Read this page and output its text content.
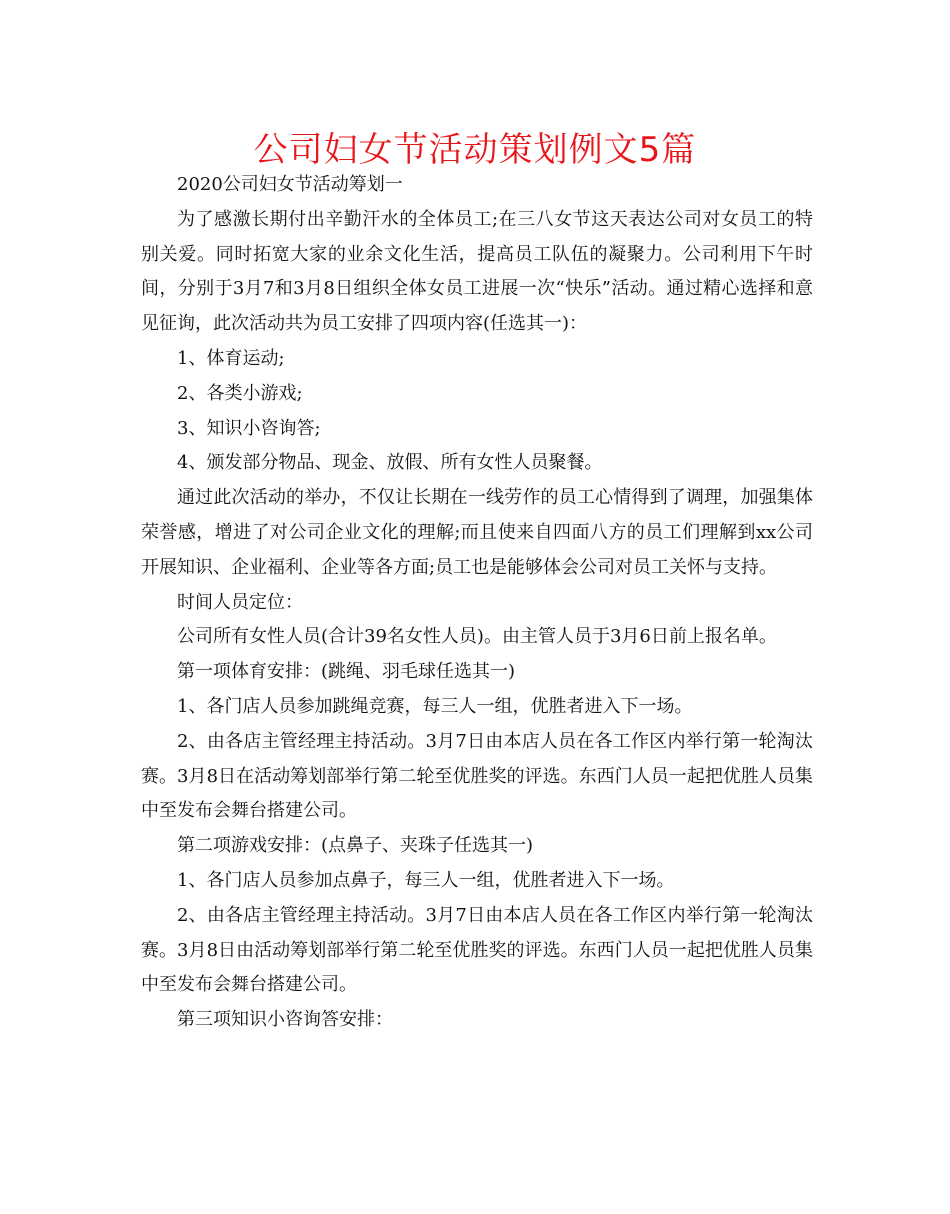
公司妇女节活动策划例文5篇

2020公司妇女节活动筹划一

为了感激长期付出辛勤汗水的全体员工;在三八女节这天表达公司对女员工的特别关爱。同时拓宽大家的业余文化生活，提高员工队伍的凝聚力。公司利用下午时间，分别于3月7和3月8日组织全体女员工进展一次“快乐”活动。通过精心选择和意见征询，此次活动共为员工安排了四项内容(任选其一)：

1、体育运动;

2、各类小游戏;

3、知识小咨询答;

4、颁发部分物品、现金、放假、所有女性人员聚餐。

通过此次活动的举办，不仅让长期在一线劳作的员工心情得到了调理，加强集体荣誉感，增进了对公司企业文化的理解;而且使来自四面八方的员工们理解到xx公司开展知识、企业福利、企业等各方面;员工也是能够体会公司对员工关怀与支持。

时间人员定位：

公司所有女性人员(合计39名女性人员)。由主管人员于3月6日前上报名单。

第一项体育安排：(跳绳、羽毛球任选其一)

1、各门店人员参加跳绳竞赛，每三人一组，优胜者进入下一场。

2、由各店主管经理主持活动。3月7日由本店人员在各工作区内举行第一轮淘汰赛。3月8日在活动筹划部举行第二轮至优胜奖的评选。东西门人员一起把优胜人员集中至发布会舞台搭建公司。

第二项游戏安排：(点鼻子、夹珠子任选其一)

1、各门店人员参加点鼻子，每三人一组，优胜者进入下一场。

2、由各店主管经理主持活动。3月7日由本店人员在各工作区内举行第一轮淘汰赛。3月8日由活动筹划部举行第二轮至优胜奖的评选。东西门人员一起把优胜人员集中至发布会舞台搭建公司。

第三项知识小咨询答安排：
